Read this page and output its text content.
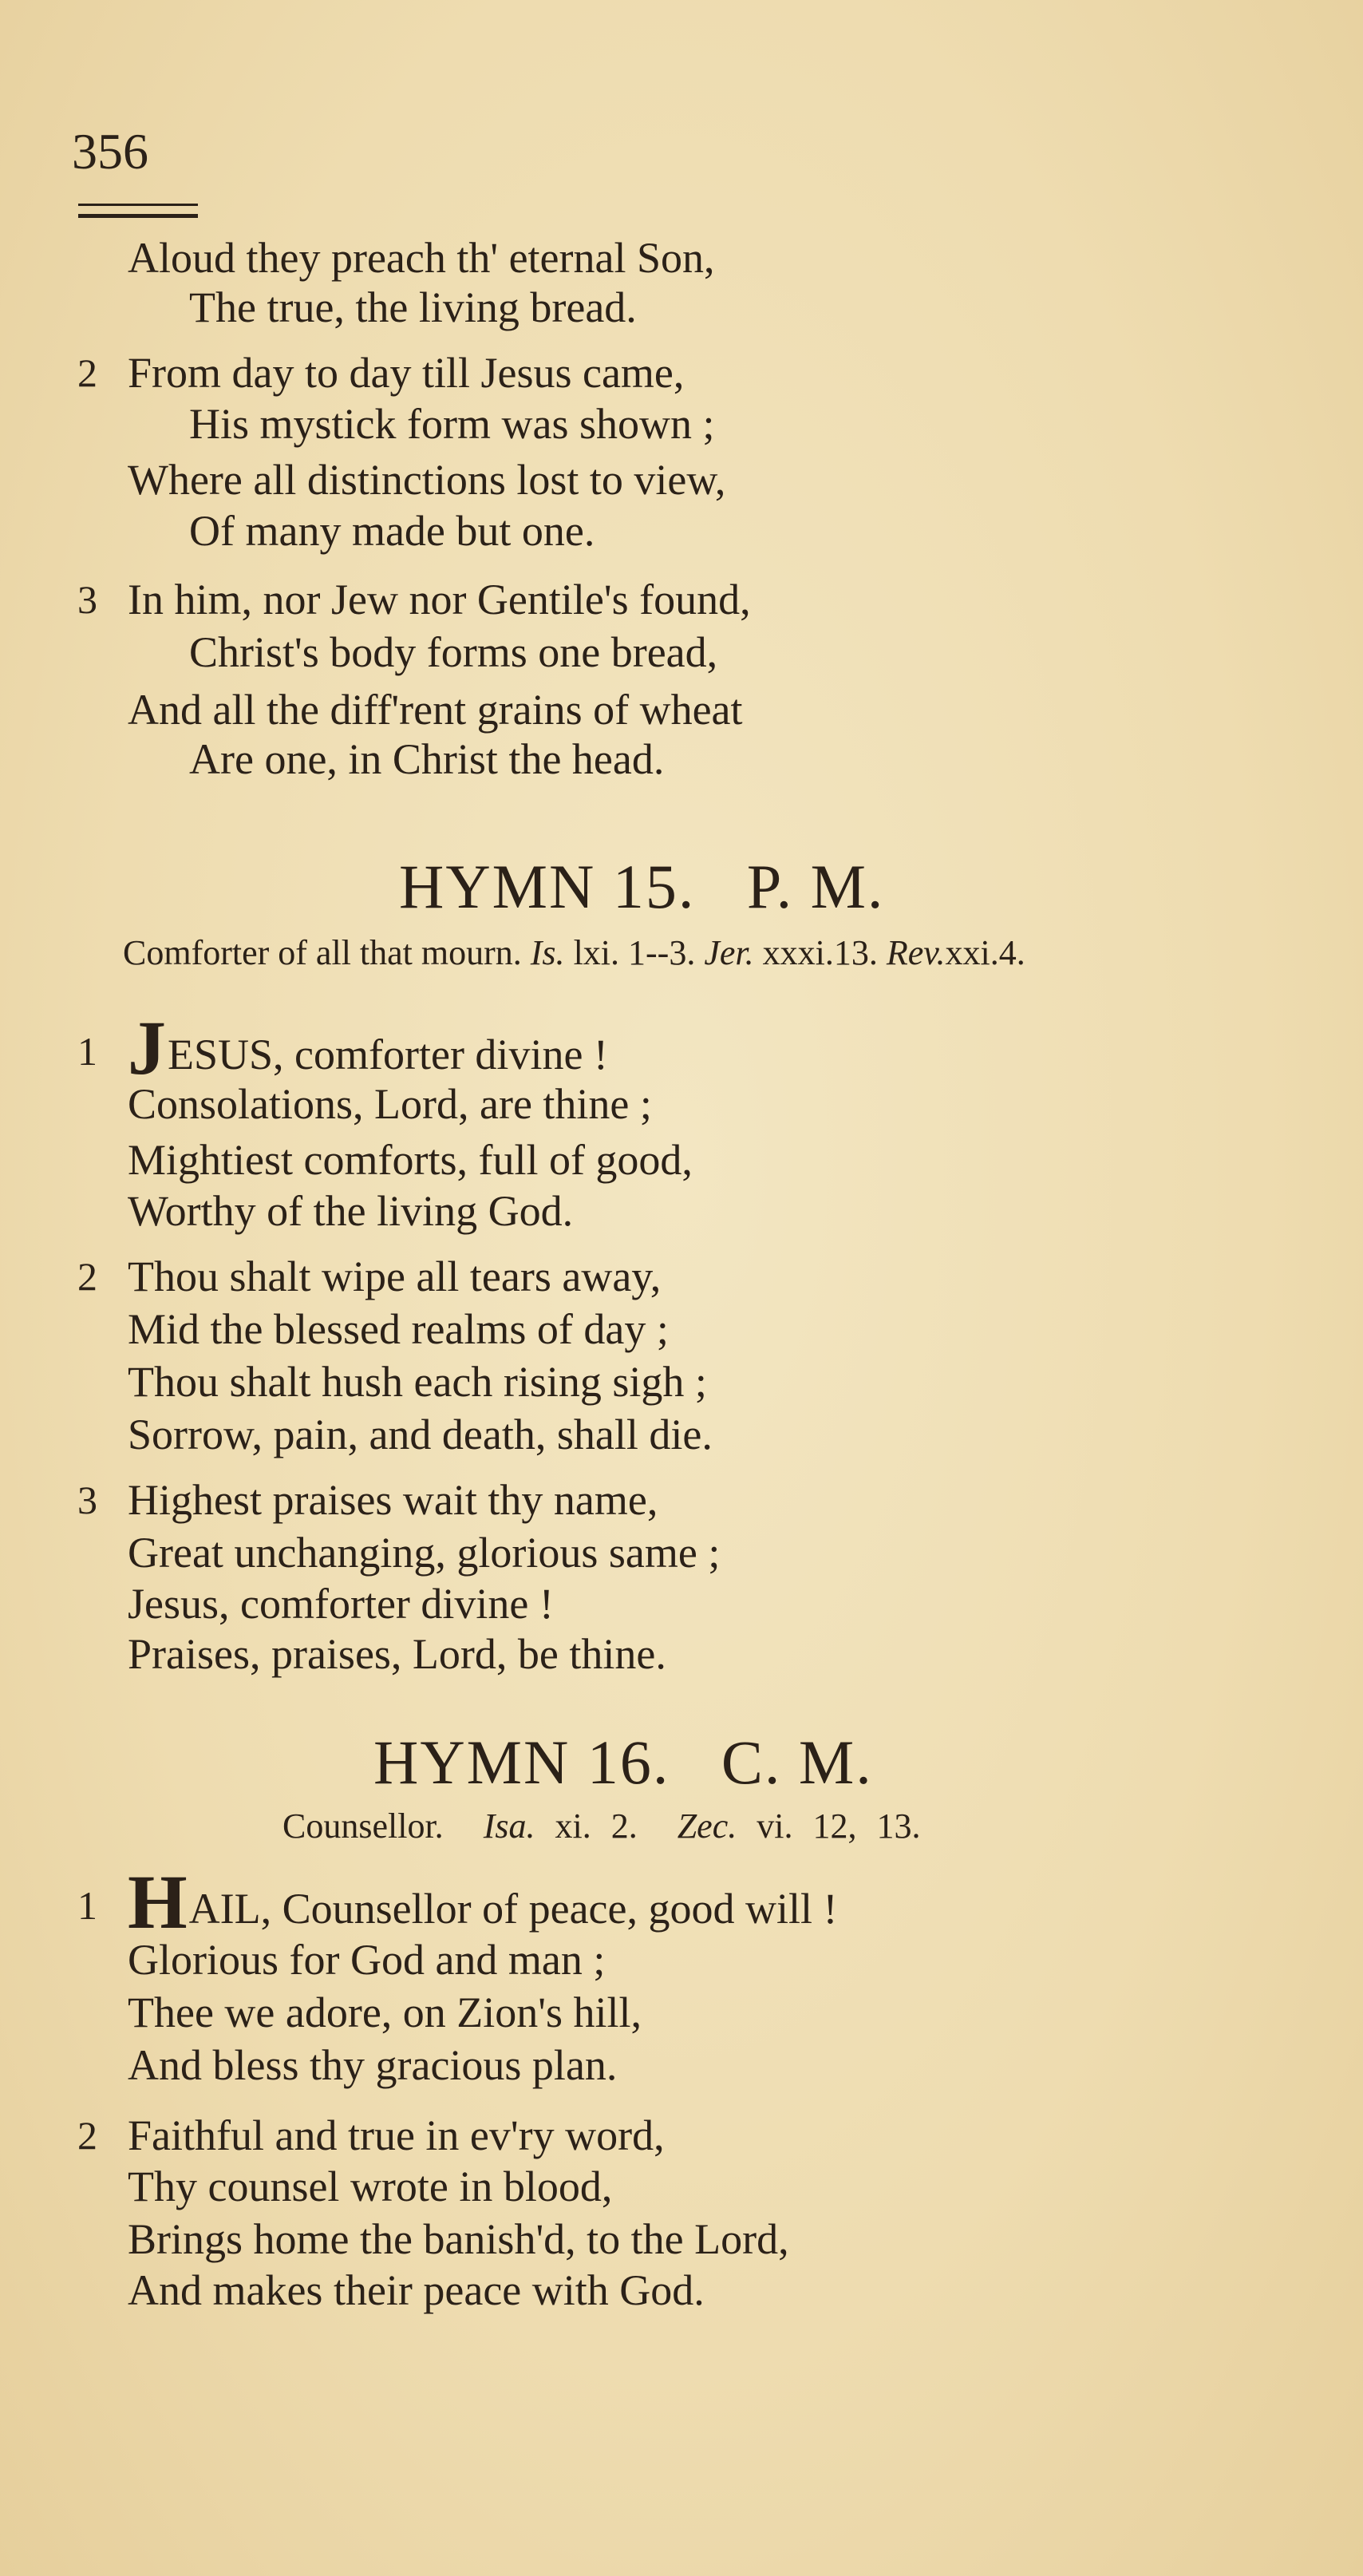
356
Aloud they preach th' eternal Son,
The true, the living bread.
2 From day to day till Jesus came,
His mystick form was shown ;
Where all distinctions lost to view,
Of many made but one.
3 In him, nor Jew nor Gentile's found,
Christ's body forms one bread,
And all the diff'rent grains of wheat
Are one, in Christ the head.
HYMN 15. P. M.
Comforter of all that mourn. Is. lxi. 1--3. Jer. xxxi.13. Rev.xxi.4.
1 JESUS, comforter divine !
Consolations, Lord, are thine ;
Mightiest comforts, full of good,
Worthy of the living God.
2 Thou shalt wipe all tears away,
Mid the blessed realms of day ;
Thou shalt hush each rising sigh ;
Sorrow, pain, and death, shall die.
3 Highest praises wait thy name,
Great unchanging, glorious same ;
Jesus, comforter divine !
Praises, praises, Lord, be thine.
HYMN 16. C. M.
Counsellor. Isa. xi. 2. Zec. vi. 12, 13.
1 HAIL, Counsellor of peace, good will !
Glorious for God and man ;
Thee we adore, on Zion's hill,
And bless thy gracious plan.
2 Faithful and true in ev'ry word,
Thy counsel wrote in blood,
Brings home the banish'd, to the Lord,
And makes their peace with God.
